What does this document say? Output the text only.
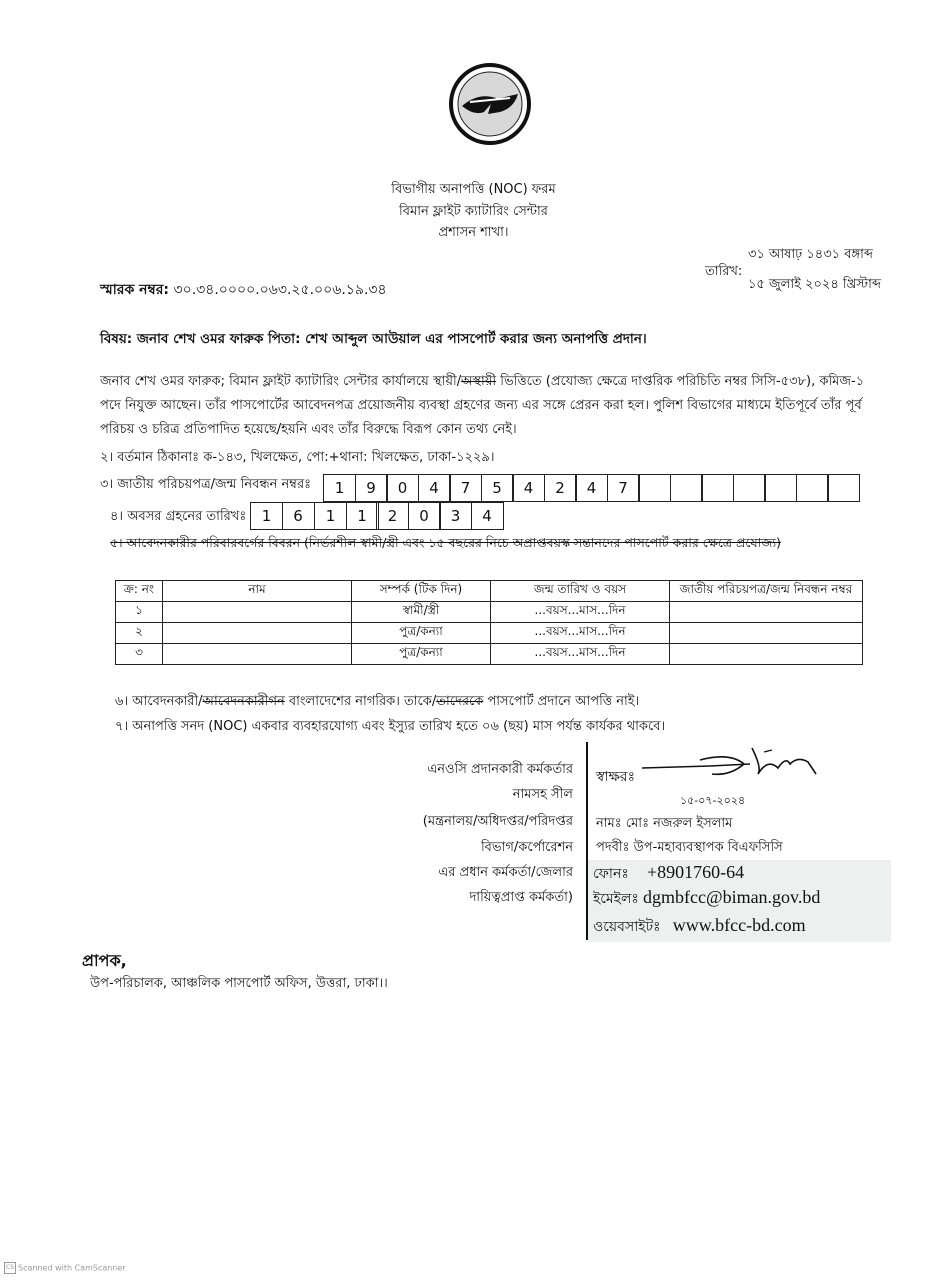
বিভাগীয় অনাপত্তি (NOC) ফরম
বিমান ফ্লাইট ক্যাটারিং সেন্টার
প্রশাসন শাখা।
৩১ আষাঢ় ১৪৩১ বঙ্গাব্দ
তারিখ:
১৫ জুলাই ২০২৪ খ্রিস্টাব্দ
স্মারক নম্বর: ৩০.৩৪.০০০০.০৬৩.২৫.০০৬.১৯.৩৪
বিষয়: জনাব শেখ ওমর ফারুক পিতা: শেখ আব্দুল আউয়াল এর পাসপোর্ট করার জন্য অনাপত্তি প্রদান।
জনাব শেখ ওমর ফারুক; বিমান ফ্লাইট ক্যাটারিং সেন্টার কার্যালয়ে স্থায়ী/অস্থায়ী ভিত্তিতে (প্রযোজ্য ক্ষেত্রে দাপ্তরিক পরিচিতি নম্বর সিসি-৫৩৮), কমিজ-১ পদে নিযুক্ত আছেন। তাঁর পাসপোর্টের আবেদনপত্র প্রয়োজনীয় ব্যবস্থা গ্রহণের জন্য এর সঙ্গে প্রেরন করা হল। পুলিশ বিভাগের মাধ্যমে ইতিপূর্বে তাঁর পূর্ব পরিচয় ও চরিত্র প্রতিপাদিত হয়েছে/হয়নি এবং তাঁর বিরুদ্ধে বিরূপ কোন তথ্য নেই।
২। বর্তমান ঠিকানাঃ ক-১৪৩, খিলক্ষেত, পো:+থানা: খিলক্ষেত, ঢাকা-১২২৯।
৩। জাতীয় পরিচয়পত্র/জন্ম নিবন্ধন নম্বরঃ	1	9	0	4	7	5	4	2	4	7
৪। অবসর গ্রহনের তারিখঃ	1	6	1	1	2	0	3	4
৫। আবেদনকারীর পরিবারবর্গের বিবরন (নির্ভরশীল স্বামী/স্ত্রী এবং ১৫ বছরের নিচে অপ্রাপ্তবয়স্ক সন্তানদের পাসপোর্ট করার ক্ষেত্রে প্রযোজ্য)
ক্র: নং	নাম	সম্পর্ক (টিক দিন)	জন্ম তারিখ ও বয়স	জাতীয় পরিচয়পত্র/জন্ম নিবন্ধন নম্বর
১		স্বামী/স্ত্রী	...বয়স...মাস...দিন	
২		পুত্র/কন্যা	...বয়স...মাস...দিন	
৩		পুত্র/কন্যা	...বয়স...মাস...দিন	
৬। আবেদনকারী/আবেদনকারীগন বাংলাদেশের নাগরিক। তাকে/তাদেরকে পাসপোর্ট প্রদানে আপত্তি নাই।
৭। অনাপত্তি সনদ (NOC) একবার ব্যবহারযোগ্য এবং ইস্যুর তারিখ হতে ০৬ (ছয়) মাস পর্যন্ত কার্যকর থাকবে।
এনওসি প্রদানকারী কর্মকর্তার
নামসহ সীল
(মন্ত্রনালয়/অধিদপ্তর/পরিদপ্তর
বিভাগ/কর্পোরেশন
এর প্রধান কর্মকর্তা/জেলার
দায়িত্বপ্রাপ্ত কর্মকর্তা)
স্বাক্ষরঃ
১৫-০৭-২০২৪
নামঃ মোঃ নজরুল ইসলাম
পদবীঃ উপ-মহাব্যবস্থাপক বিএফসিসি
ফোনঃ +8901760-64
ইমেইলঃ dgmbfcc@biman.gov.bd
ওয়েবসাইটঃ www.bfcc-bd.com
প্রাপক,
উপ-পরিচালক, আঞ্চলিক পাসপোর্ট অফিস, উত্তরা, ঢাকা।।
CS Scanned with CamScanner
